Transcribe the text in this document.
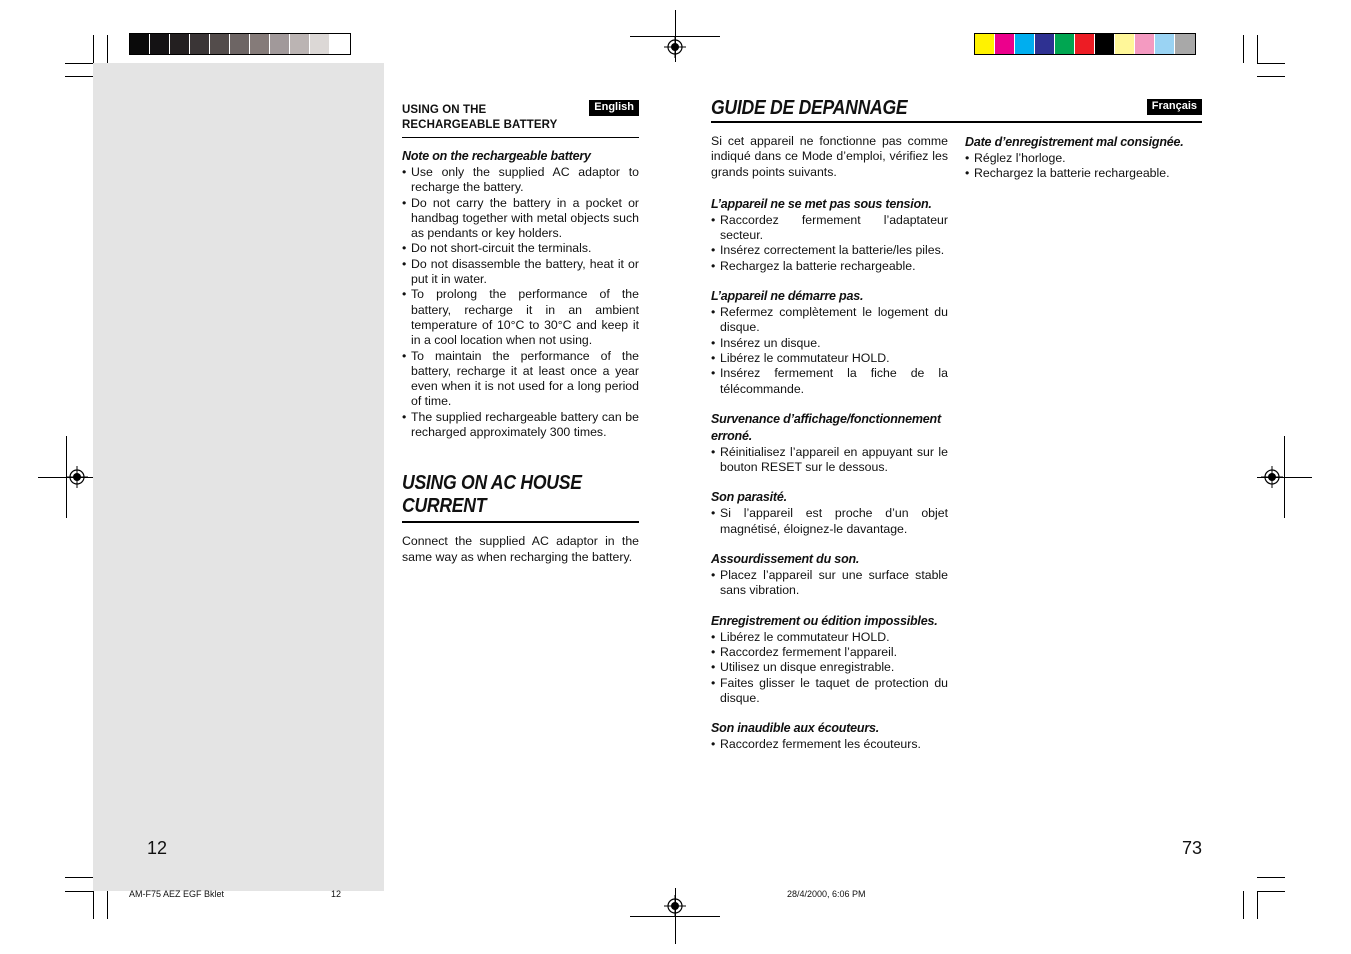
USING ON THE RECHARGEABLE BATTERY
English
Note on the rechargeable battery
• Use only the supplied AC adaptor to recharge the battery.
• Do not carry the battery in a pocket or handbag together with metal objects such as pendants or key holders.
• Do not short-circuit the terminals.
• Do not disassemble the battery, heat it or put it in water.
• To prolong the performance of the battery, recharge it in an ambient temperature of 10°C to 30°C and keep it in a cool location when not using.
• To maintain the performance of the battery, recharge it at least once a year even when it is not used for a long period of time.
• The supplied rechargeable battery can be recharged approximately 300 times.
USING ON AC HOUSE
CURRENT

Connect the supplied AC adaptor in the same way as when recharging the battery.

GUIDE DE DEPANNAGE	Français

Si cet appareil ne fonctionne pas comme indiqué dans ce Mode d’emploi, vérifiez les grands points suivants.

L’appareil ne se met pas sous tension.
• Raccordez fermement l’adaptateur secteur.
• Insérez correctement la batterie/les piles.
• Rechargez la batterie rechargeable.
L’appareil ne démarre pas.
• Refermez complètement le logement du disque.
• Insérez un disque.
• Libérez le commutateur HOLD.
• Insérez fermement la fiche de la télécommande.
Survenance d’affichage/fonctionnement erroné.
• Réinitialisez l’appareil en appuyant sur le bouton RESET sur le dessous.
Son parasité.
• Si l’appareil est proche d’un objet magnétisé, éloignez-le davantage.
Assourdissement du son.
• Placez l’appareil sur une surface stable sans vibration.
Enregistrement ou édition impossibles.
• Libérez le commutateur HOLD.
• Raccordez fermement l’appareil.
• Utilisez un disque enregistrable.
• Faites glisser le taquet de protection du disque.
Son inaudible aux écouteurs.
• Raccordez fermement les écouteurs.
Date d’enregistrement mal consignée.
• Réglez l’horloge.
• Rechargez la batterie rechargeable.
12	73
AM-F75 AEZ EGF Bklet	12	28/4/2000, 6:06 PM
